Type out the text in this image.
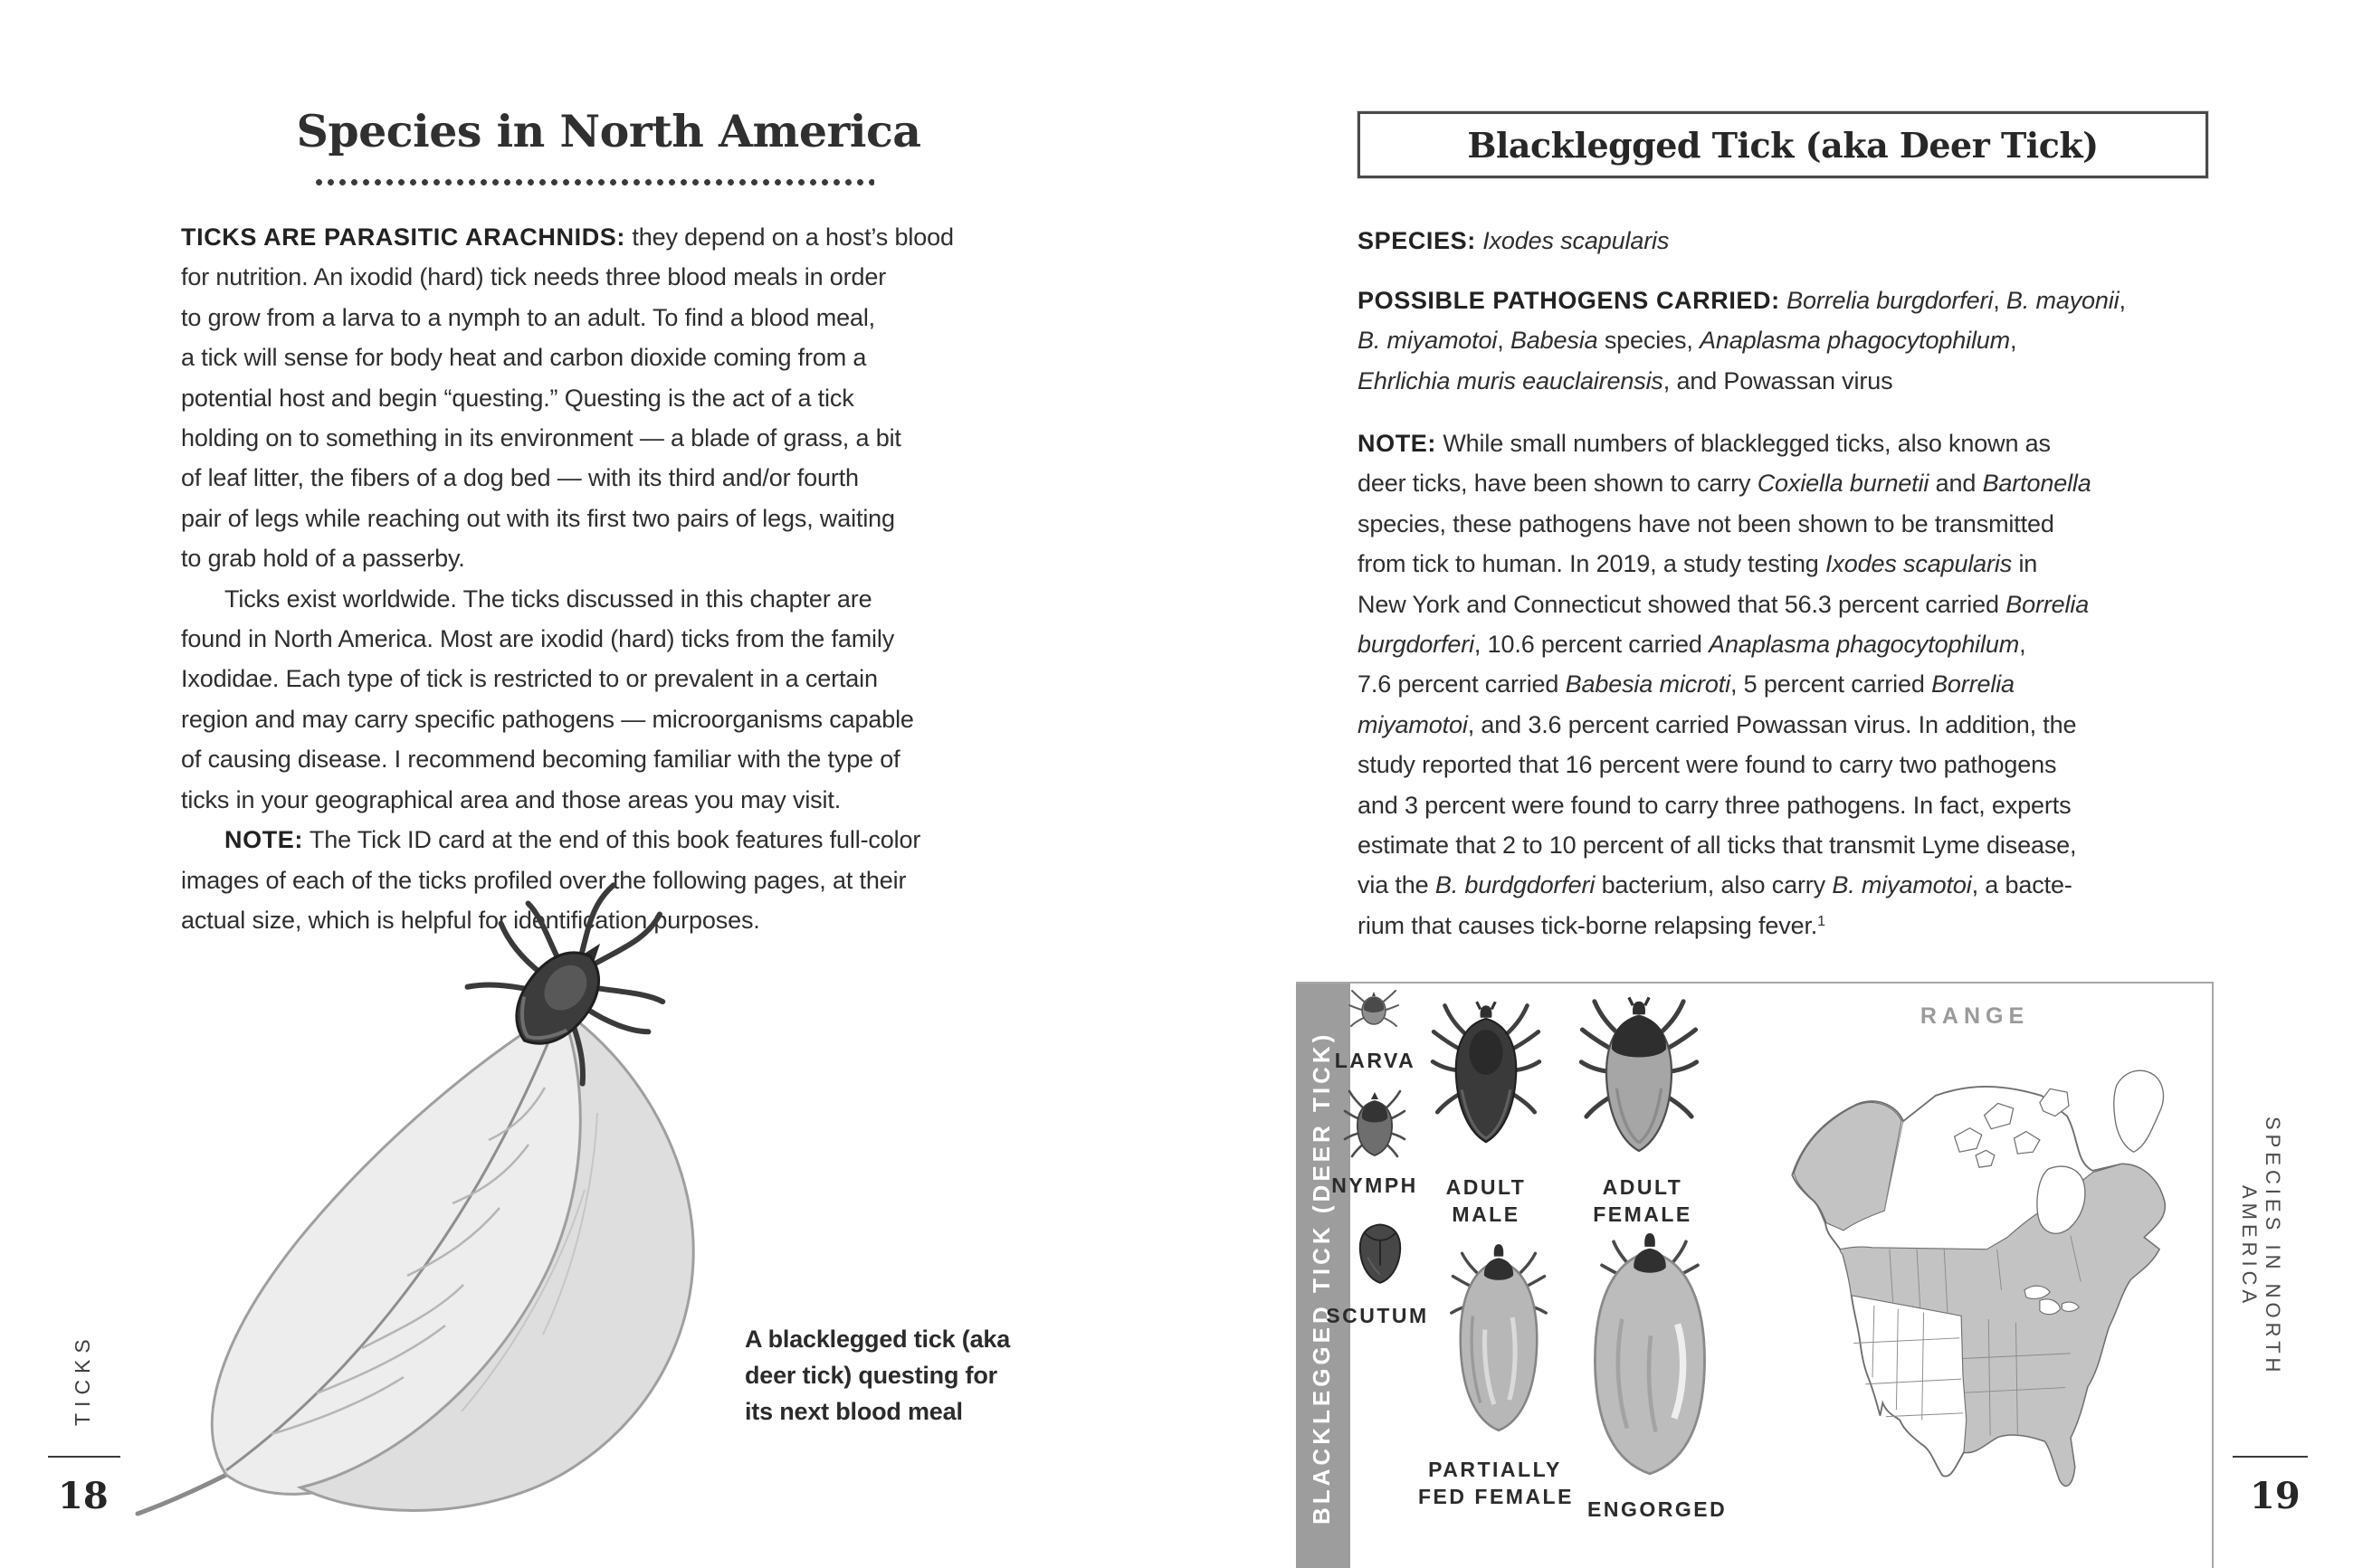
Species in North America
TICKS ARE PARASITIC ARACHNIDS: they depend on a host’s blood
for nutrition. An ixodid (hard) tick needs three blood meals in order
to grow from a larva to a nymph to an adult. To find a blood meal,
a tick will sense for body heat and carbon dioxide coming from a
potential host and begin “questing.” Questing is the act of a tick
holding on to something in its environment — a blade of grass, a bit
of leaf litter, the fibers of a dog bed — with its third and/or fourth
pair of legs while reaching out with its first two pairs of legs, waiting
to grab hold of a passerby.
Ticks exist worldwide. The ticks discussed in this chapter are
found in North America. Most are ixodid (hard) ticks from the family
Ixodidae. Each type of tick is restricted to or prevalent in a certain
region and may carry specific pathogens — microorganisms capable
of causing disease. I recommend becoming familiar with the type of
ticks in your geographical area and those areas you may visit.
NOTE: The Tick ID card at the end of this book features full-color
images of each of the ticks profiled over the following pages, at their
actual size, which is helpful for identification purposes.
A blacklegged tick (aka
deer tick) questing for
its next blood meal
TICKS
18
Blacklegged Tick (aka Deer Tick)
SPECIES: Ixodes scapularis
POSSIBLE PATHOGENS CARRIED: Borrelia burgdorferi, B. mayonii,
B. miyamotoi, Babesia species, Anaplasma phagocytophilum,
Ehrlichia muris eauclairensis, and Powassan virus
NOTE: While small numbers of blacklegged ticks, also known as
deer ticks, have been shown to carry Coxiella burnetii and Bartonella
species, these pathogens have not been shown to be transmitted
from tick to human. In 2019, a study testing Ixodes scapularis in
New York and Connecticut showed that 56.3 percent carried Borrelia
burgdorferi, 10.6 percent carried Anaplasma phagocytophilum,
7.6 percent carried Babesia microti, 5 percent carried Borrelia
miyamotoi, and 3.6 percent carried Powassan virus. In addition, the
study reported that 16 percent were found to carry two pathogens
and 3 percent were found to carry three pathogens. In fact, experts
estimate that 2 to 10 percent of all ticks that transmit Lyme disease,
via the B. burdgdorferi bacterium, also carry B. miyamotoi, a bacte-
rium that causes tick-borne relapsing fever.$^1$
BLACKLEGGED TICK (DEER TICK) LARVA
NYMPH
SCUTUM
ADULT
MALE
ADULT
FEMALE
PARTIALLY
FED FEMALE
ENGORGED
RANGE
SPECIES IN NORTH AMERICA
19
